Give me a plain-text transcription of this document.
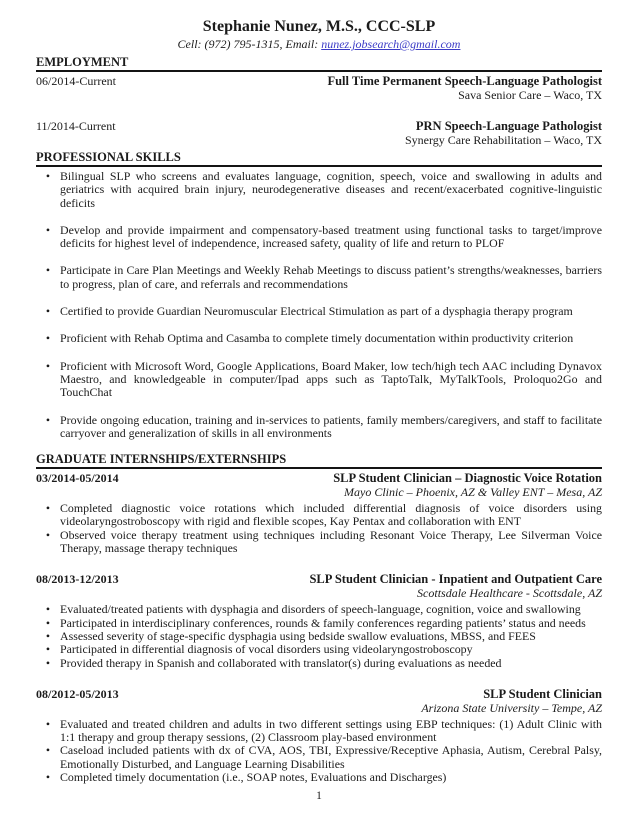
Stephanie Nunez, M.S., CCC-SLP
Cell: (972) 795-1315, Email: nunez.jobsearch@gmail.com
EMPLOYMENT
06/2014-Current	Full Time Permanent Speech-Language Pathologist
Sava Senior Care – Waco, TX
11/2014-Current	PRN Speech-Language Pathologist
Synergy Care Rehabilitation – Waco, TX
PROFESSIONAL SKILLS
•
Bilingual SLP who screens and evaluates language, cognition, speech, voice and swallowing in adults and geriatrics with acquired brain injury, neurodegenerative diseases and recent/exacerbated cognitive-linguistic deficits
•
Develop and provide impairment and compensatory-based treatment using functional tasks to target/improve deficits for highest level of independence, increased safety, quality of life and return to PLOF
•
Participate in Care Plan Meetings and Weekly Rehab Meetings to discuss patient’s strengths/weaknesses, barriers to progress, plan of care, and referrals and recommendations
•
Certified to provide Guardian Neuromuscular Electrical Stimulation as part of a dysphagia therapy program
•
Proficient with Rehab Optima and Casamba to complete timely documentation within productivity criterion
•
Proficient with Microsoft Word, Google Applications, Board Maker, low tech/high tech AAC including Dynavox Maestro, and knowledgeable in computer/Ipad apps such as TaptoTalk, MyTalkTools, Proloquo2Go and TouchChat
•
Provide ongoing education, training and in-services to patients, family members/caregivers, and staff to facilitate carryover and generalization of skills in all environments
GRADUATE INTERNSHIPS/EXTERNSHIPS
03/2014-05/2014	SLP Student Clinician – Diagnostic Voice Rotation
Mayo Clinic – Phoenix, AZ & Valley ENT – Mesa, AZ
•
Completed diagnostic voice rotations which included differential diagnosis of voice disorders using videolaryngostroboscopy with rigid and flexible scopes, Kay Pentax and collaboration with ENT
•
Observed voice therapy treatment using techniques including Resonant Voice Therapy, Lee Silverman Voice Therapy, massage therapy techniques
08/2013-12/2013	SLP Student Clinician - Inpatient and Outpatient Care
Scottsdale Healthcare - Scottsdale, AZ
•
Evaluated/treated patients with dysphagia and disorders of speech-language, cognition, voice and swallowing
•
Participated in interdisciplinary conferences, rounds & family conferences regarding patients’ status and needs
•
Assessed severity of stage-specific dysphagia using bedside swallow evaluations, MBSS, and FEES
•
Participated in differential diagnosis of vocal disorders using videolaryngostroboscopy
•
Provided therapy in Spanish and collaborated with translator(s) during evaluations as needed
08/2012-05/2013	SLP Student Clinician
Arizona State University – Tempe, AZ
•
Evaluated and treated children and adults in two different settings using EBP techniques: (1) Adult Clinic with 1:1 therapy and group therapy sessions, (2) Classroom play-based environment
•
Caseload included patients with dx of CVA, AOS, TBI, Expressive/Receptive Aphasia, Autism, Cerebral Palsy, Emotionally Disturbed, and Language Learning Disabilities
•
Completed timely documentation (i.e., SOAP notes, Evaluations and Discharges)
1
